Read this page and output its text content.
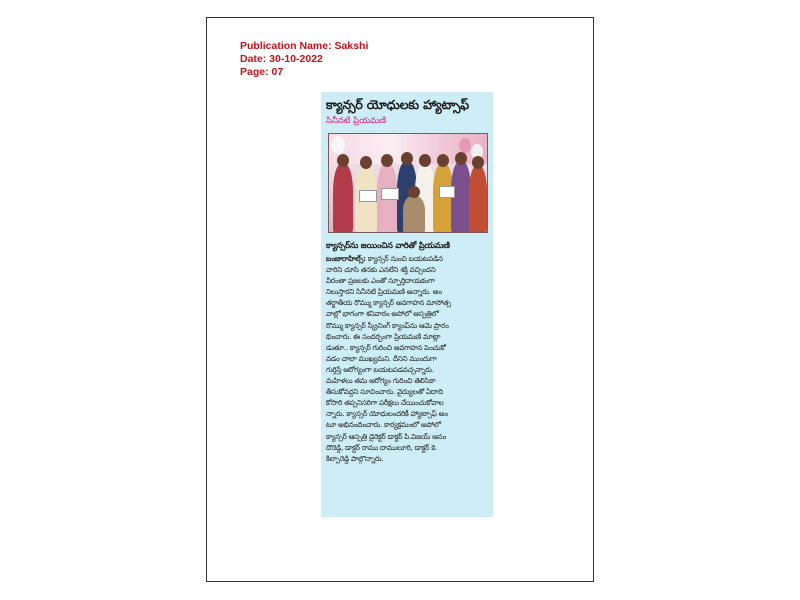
Publication Name: Sakshi
Date: 30-10-2022
Page: 07
క్యాన్సర్ యోధులకు హ్యాట్సాఫ్
సినీనటి ప్రియమణి
క్యాన్సర్‌ను జయించిన వారితో ప్రియమణి
బంజారాహిల్స్: క్యాన్సర్ నుంచి బయటపడిన
వారిని చూసి తనకు ఎనలేని శక్తి వచ్చిందని
వీరంతా ప్రజలకు ఎంతో స్ఫూర్తిదాయకంగా
నిలుస్తారని సినీనటి ప్రియమణి అన్నారు. అం
తర్జాతీయ రొమ్ము క్యాన్సర్ అవగాహన మాసోత్స
వాల్లో భాగంగా శనివారం అపోలో ఆస్పత్రిలో
రొమ్ము క్యాన్సర్ స్క్రీనింగ్ క్యాంప్‌ను ఆమె ప్రారం
భించారు. ఈ సందర్భంగా ప్రియమణి మాట్లా
డుతూ.. క్యాన్సర్ గురించి అవగాహన పెంచుకో
వడం చాలా ముఖ్యమని. దీనిని ముందుగా
గుర్తిస్తే ఆరోగ్యంగా బయటపడవచ్చన్నారు.
మహిళలు తమ ఆరోగ్యం గురించి తెలిసికా
తీసుకోవద్దని సూచించారు. వైద్యులతో ఏదాది
కోసారి తప్పనిసరిగా పరీక్షలు చేయించుకోవాల
న్నారు. క్యాన్సర్ యోధులందరికీ హ్యాట్సాఫ్ అం
టూ అభినందించారు. కార్యక్రమంలో అపోలో
క్యాన్సర్ ఆస్పత్రి డైరెక్టర్ డాక్టర్ పి.విజయ్ ఆనం
దొరెడ్డి, డాక్టర్ రాము దాములూరి, డాక్టర్ కె.
కిల్పారెడ్డి పాల్గొన్నారు.
